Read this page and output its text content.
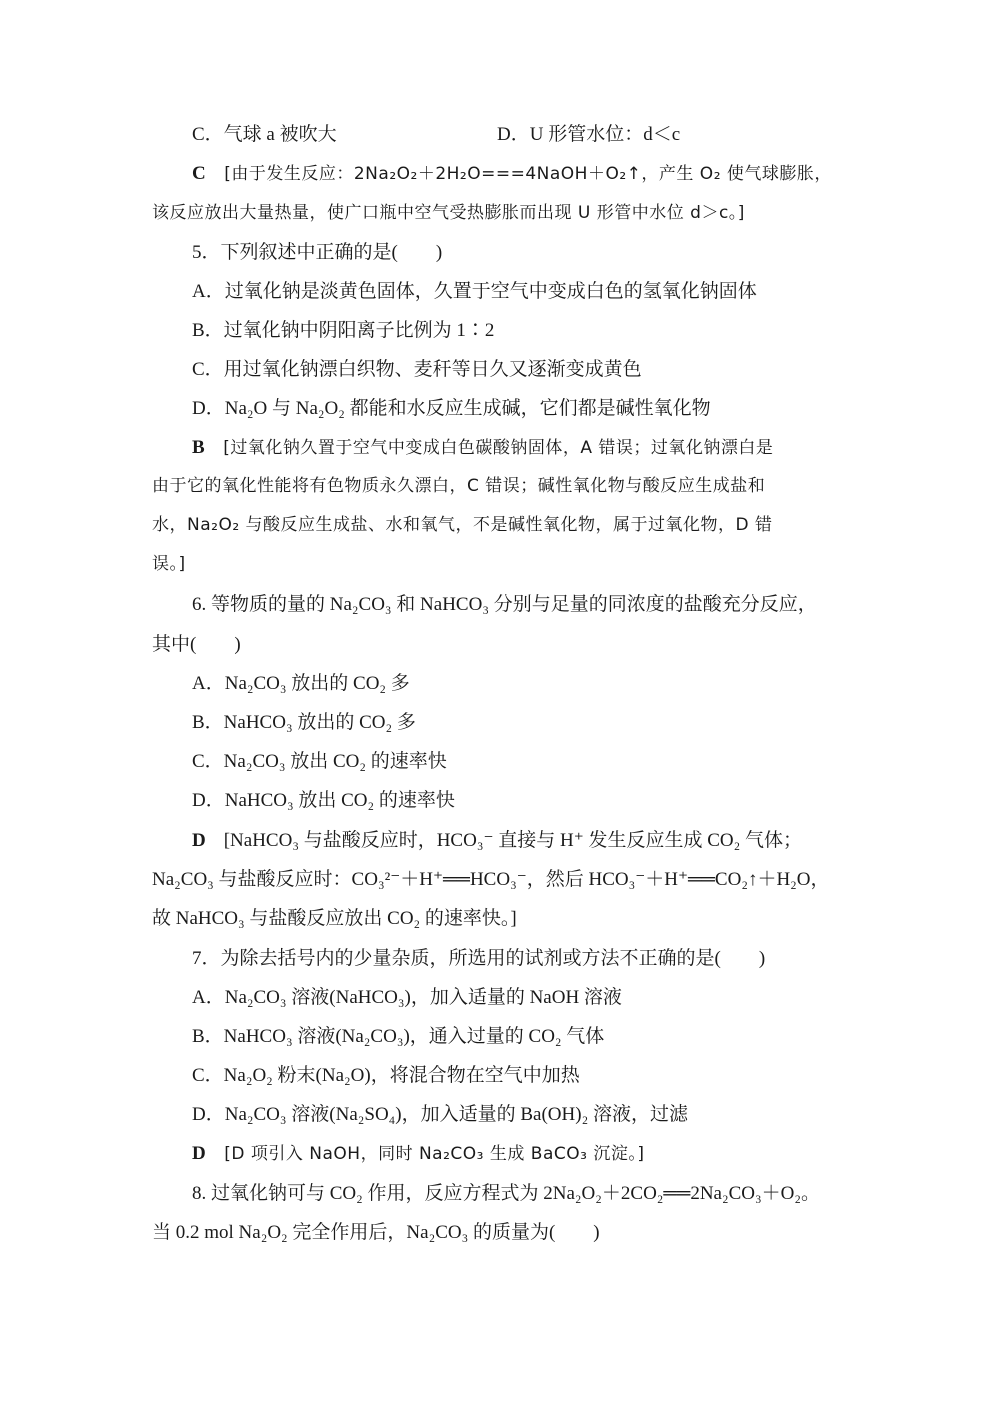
C．气球 a 被吹大	D．U 形管水位：d＜c
C [由于发生反应：2Na₂O₂＋2H₂O===4NaOH＋O₂↑，产生 O₂ 使气球膨胀，
该反应放出大量热量，使广口瓶中空气受热膨胀而出现 U 形管中水位 d＞c。]
5．下列叙述中正确的是(　　)
A．过氧化钠是淡黄色固体，久置于空气中变成白色的氢氧化钠固体
B．过氧化钠中阴阳离子比例为 1∶2
C．用过氧化钠漂白织物、麦秆等日久又逐渐变成黄色
D．Na₂O 与 Na₂O₂ 都能和水反应生成碱，它们都是碱性氧化物
B [过氧化钠久置于空气中变成白色碳酸钠固体，A 错误；过氧化钠漂白是
由于它的氧化性能将有色物质永久漂白，C 错误；碱性氧化物与酸反应生成盐和
水，Na₂O₂ 与酸反应生成盐、水和氧气，不是碱性氧化物，属于过氧化物，D 错
误。]
6. 等物质的量的 Na₂CO₃ 和 NaHCO₃ 分别与足量的同浓度的盐酸充分反应，
其中(　　)
A．Na₂CO₃ 放出的 CO₂ 多
B．NaHCO₃ 放出的 CO₂ 多
C．Na₂CO₃ 放出 CO₂ 的速率快
D．NaHCO₃ 放出 CO₂ 的速率快
D [NaHCO₃ 与盐酸反应时，HCO₃⁻ 直接与 H⁺ 发生反应生成 CO₂ 气体；
Na₂CO₃ 与盐酸反应时：CO₃²⁻＋H⁺══HCO₃⁻，然后 HCO₃⁻＋H⁺══CO₂↑＋H₂O，
故 NaHCO₃ 与盐酸反应放出 CO₂ 的速率快。]
7．为除去括号内的少量杂质，所选用的试剂或方法不正确的是(　　)
A．Na₂CO₃ 溶液(NaHCO₃)，加入适量的 NaOH 溶液
B．NaHCO₃ 溶液(Na₂CO₃)，通入过量的 CO₂ 气体
C．Na₂O₂ 粉末(Na₂O)，将混合物在空气中加热
D．Na₂CO₃ 溶液(Na₂SO₄)，加入适量的 Ba(OH)₂ 溶液，过滤
D [D 项引入 NaOH，同时 Na₂CO₃ 生成 BaCO₃ 沉淀。]
8. 过氧化钠可与 CO₂ 作用，反应方程式为 2Na₂O₂＋2CO₂══2Na₂CO₃＋O₂。
当 0.2 mol Na₂O₂ 完全作用后，Na₂CO₃ 的质量为(　　)
